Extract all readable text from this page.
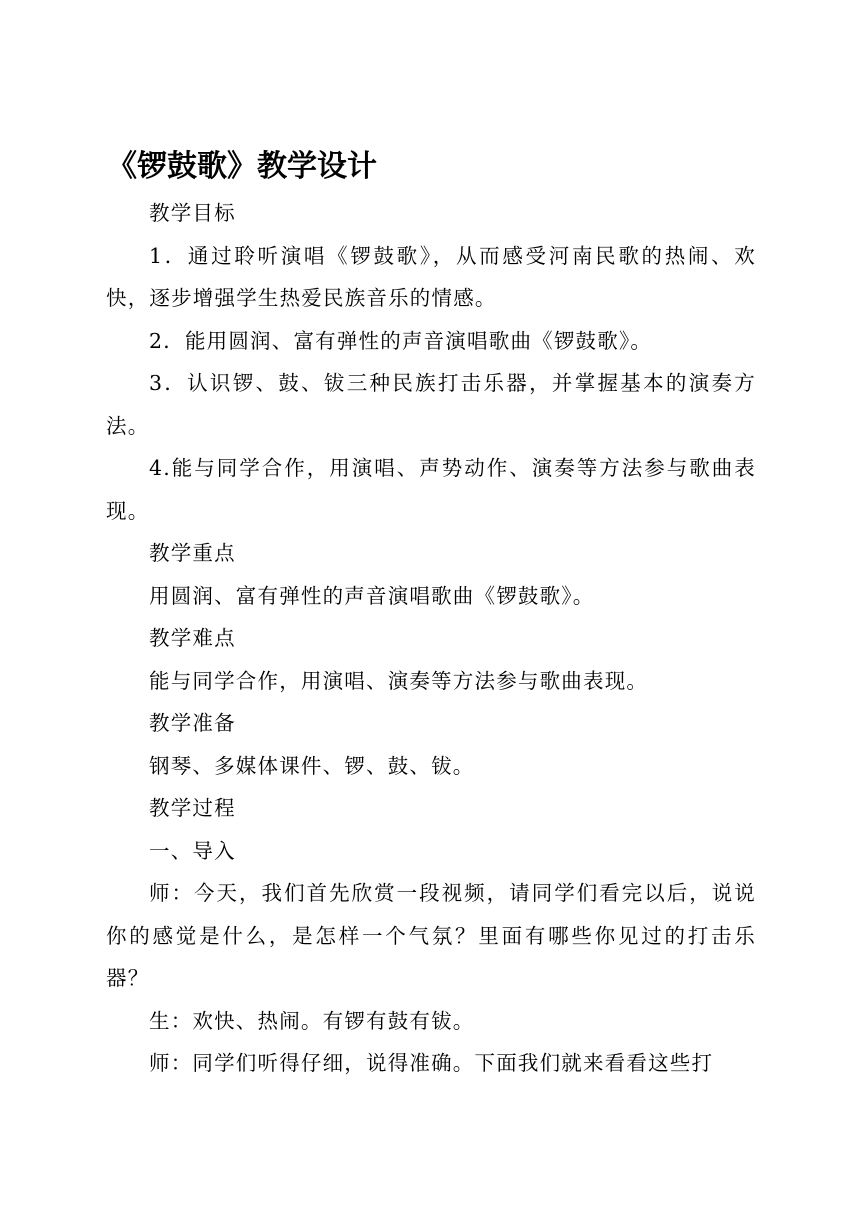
《锣鼓歌》教学设计

教学目标

1．通过聆听演唱《锣鼓歌》，从而感受河南民歌的热闹、欢快，逐步增强学生热爱民族音乐的情感。

2．能用圆润、富有弹性的声音演唱歌曲《锣鼓歌》。

3．认识锣、鼓、钹三种民族打击乐器，并掌握基本的演奏方法。

4.能与同学合作，用演唱、声势动作、演奏等方法参与歌曲表现。

教学重点

用圆润、富有弹性的声音演唱歌曲《锣鼓歌》。

教学难点

能与同学合作，用演唱、演奏等方法参与歌曲表现。

教学准备

钢琴、多媒体课件、锣、鼓、钹。

教学过程

一、导入

师：今天，我们首先欣赏一段视频，请同学们看完以后，说说你的感觉是什么，是怎样一个气氛？里面有哪些你见过的打击乐器？

生：欢快、热闹。有锣有鼓有钹。

师：同学们听得仔细，说得准确。下面我们就来看看这些打
